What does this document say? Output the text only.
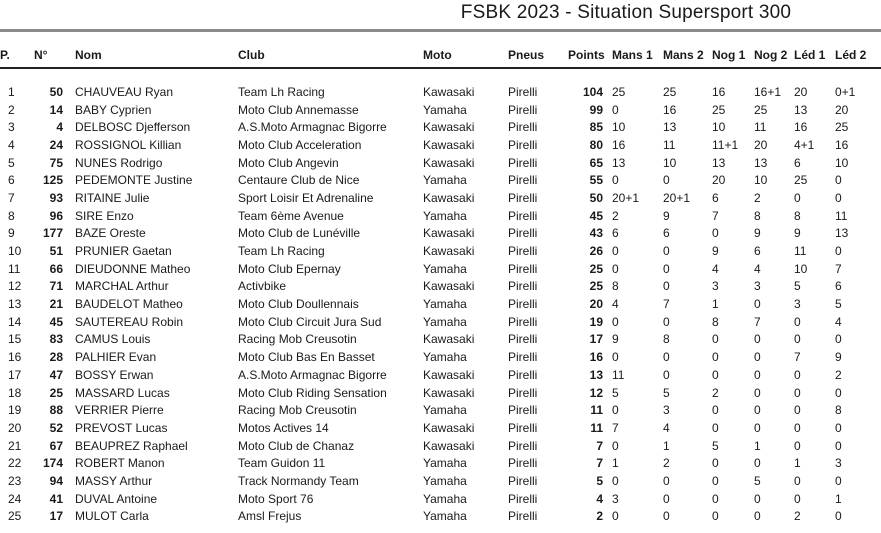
FSBK 2023 - Situation Supersport 300
P.	N°	Nom	Club	Moto	Pneus	Points	Mans 1	Mans 2	Nog 1	Nog 2	Léd 1	Léd 2
1	50	CHAUVEAU Ryan	Team Lh Racing	Kawasaki	Pirelli	104	25	25	16	16+1	20	0+1
2	14	BABY Cyprien	Moto Club Annemasse	Yamaha	Pirelli	99	0	16	25	25	13	20
3	4	DELBOSC Djefferson	A.S.Moto Armagnac Bigorre	Kawasaki	Pirelli	85	10	13	10	11	16	25
4	24	ROSSIGNOL Killian	Moto Club Acceleration	Kawasaki	Pirelli	80	16	11	11+1	20	4+1	16
5	75	NUNES Rodrigo	Moto Club Angevin	Kawasaki	Pirelli	65	13	10	13	13	6	10
6	125	PEDEMONTE Justine	Centaure Club de Nice	Yamaha	Pirelli	55	0	0	20	10	25	0
7	93	RITAINE Julie	Sport Loisir Et Adrenaline	Kawasaki	Pirelli	50	20+1	20+1	6	2	0	0
8	96	SIRE Enzo	Team 6ème Avenue	Yamaha	Pirelli	45	2	9	7	8	8	11
9	177	BAZE Oreste	Moto Club de Lunéville	Kawasaki	Pirelli	43	6	6	0	9	9	13
10	51	PRUNIER Gaetan	Team Lh Racing	Kawasaki	Pirelli	26	0	0	9	6	11	0
11	66	DIEUDONNE Matheo	Moto Club Epernay	Yamaha	Pirelli	25	0	0	4	4	10	7
12	71	MARCHAL Arthur	Activbike	Kawasaki	Pirelli	25	8	0	3	3	5	6
13	21	BAUDELOT Matheo	Moto Club Doullennais	Yamaha	Pirelli	20	4	7	1	0	3	5
14	45	SAUTEREAU Robin	Moto Club Circuit Jura Sud	Yamaha	Pirelli	19	0	0	8	7	0	4
15	83	CAMUS Louis	Racing Mob Creusotin	Kawasaki	Pirelli	17	9	8	0	0	0	0
16	28	PALHIER Evan	Moto Club Bas En Basset	Yamaha	Pirelli	16	0	0	0	0	7	9
17	47	BOSSY Erwan	A.S.Moto Armagnac Bigorre	Kawasaki	Pirelli	13	11	0	0	0	0	2
18	25	MASSARD Lucas	Moto Club Riding Sensation	Kawasaki	Pirelli	12	5	5	2	0	0	0
19	88	VERRIER Pierre	Racing Mob Creusotin	Yamaha	Pirelli	11	0	3	0	0	0	8
20	52	PREVOST Lucas	Motos Actives 14	Kawasaki	Pirelli	11	7	4	0	0	0	0
21	67	BEAUPREZ Raphael	Moto Club de Chanaz	Kawasaki	Pirelli	7	0	1	5	1	0	0
22	174	ROBERT Manon	Team Guidon 11	Yamaha	Pirelli	7	1	2	0	0	1	3
23	94	MASSY Arthur	Track Normandy Team	Yamaha	Pirelli	5	0	0	0	5	0	0
24	41	DUVAL Antoine	Moto Sport 76	Yamaha	Pirelli	4	3	0	0	0	0	1
25	17	MULOT Carla	Amsl Frejus	Yamaha	Pirelli	2	0	0	0	0	2	0
